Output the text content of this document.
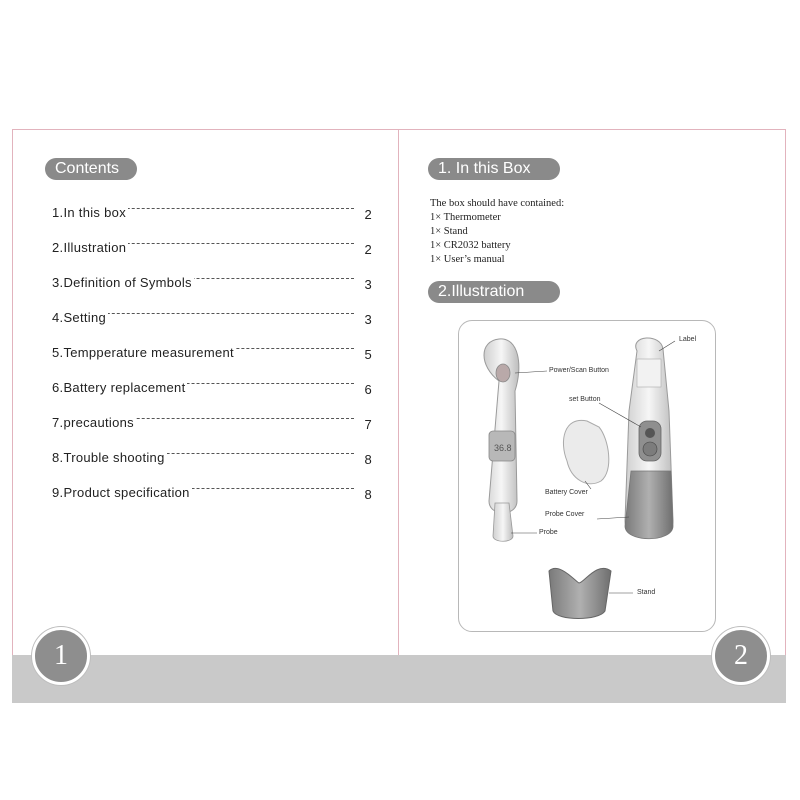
1	2
Contents
1.In this box	2
2.Illustration	2
3.Definition of Symbols	3
4.Setting	3
5.Tempperature measurement	5
6.Battery replacement	6
7.precautions	7
8.Trouble shooting	8
9.Product specification	8
1. In this Box
The box should have contained:
1× Thermometer
1× Stand
1× CR2032 battery
1× User’s manual
2.Illustration
36.8
Label
Power/Scan Button
set Button
Battery Cover
Probe Cover
Probe
Stand
